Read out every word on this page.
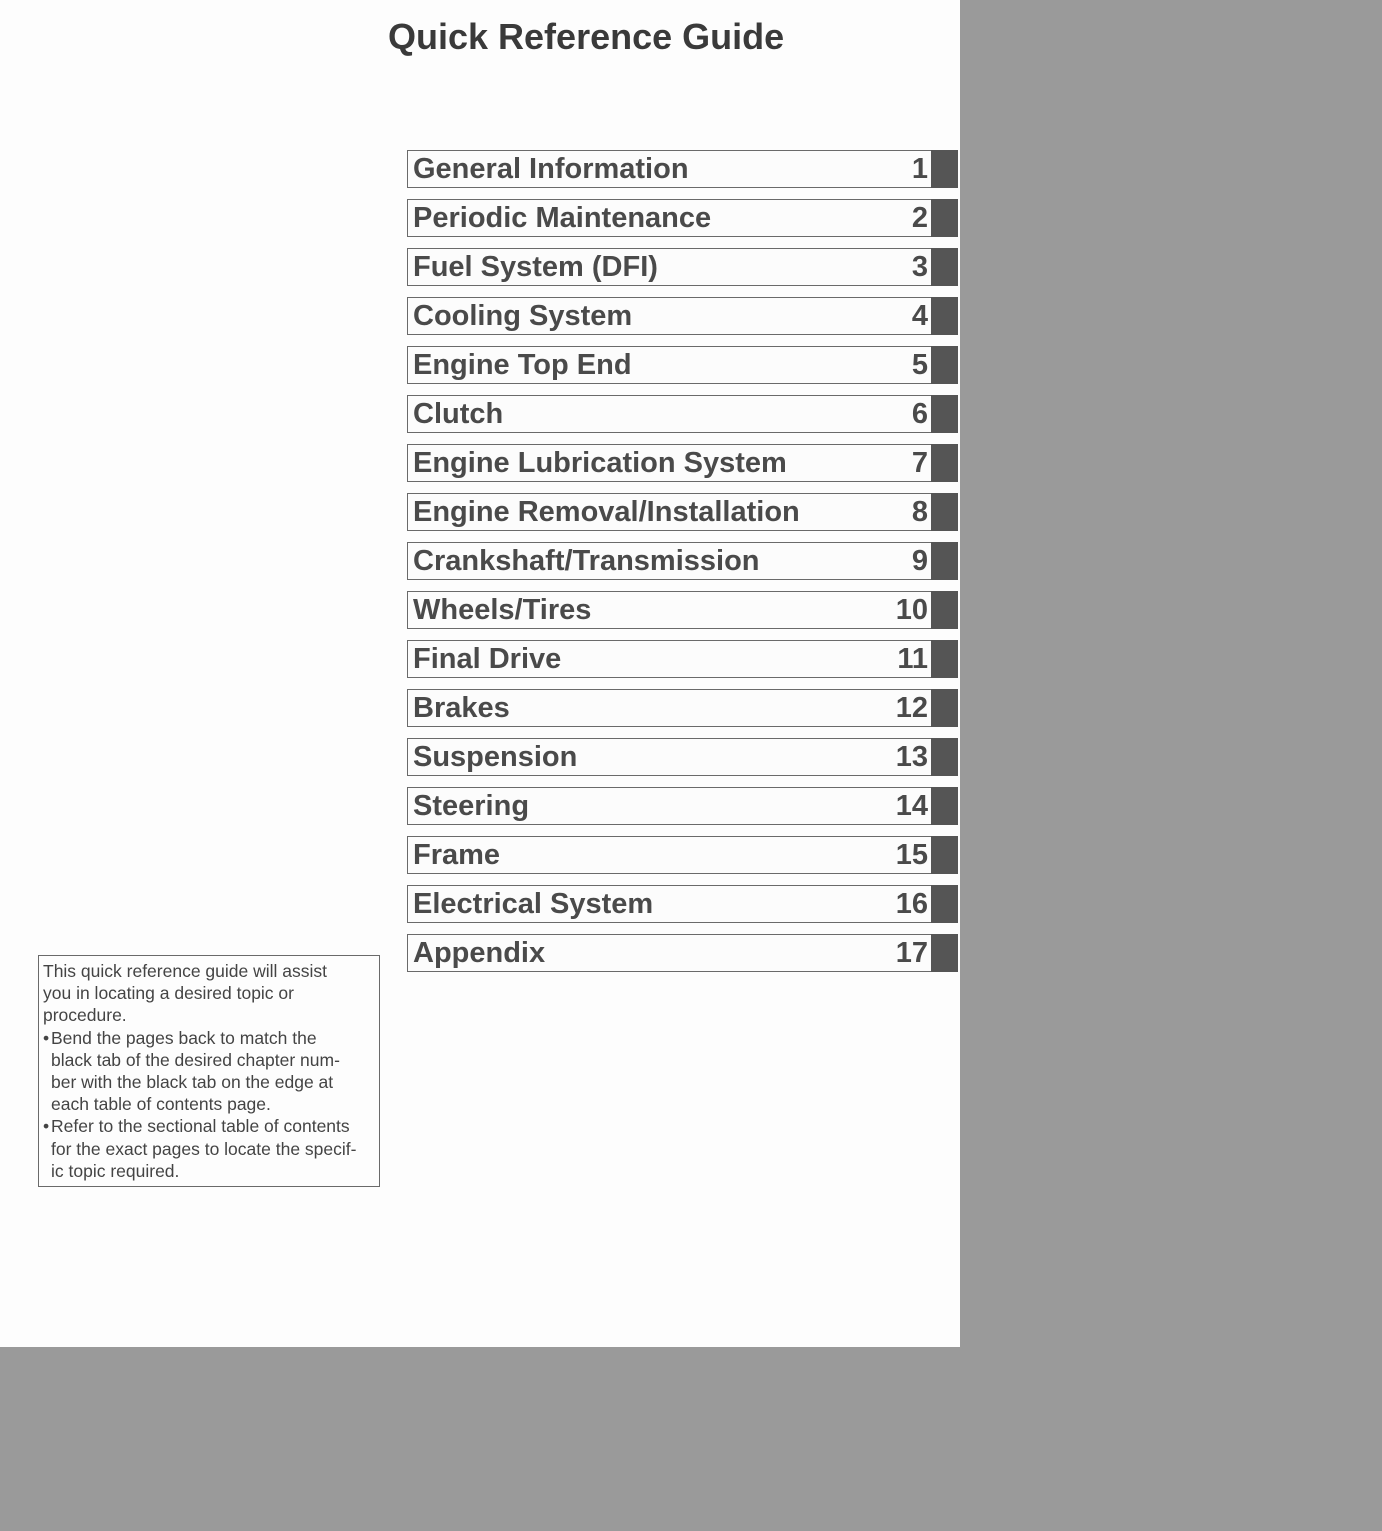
Quick Reference Guide
General Information	1
Periodic Maintenance	2
Fuel System (DFI)	3
Cooling System	4
Engine Top End	5
Clutch	6
Engine Lubrication System	7
Engine Removal/Installation	8
Crankshaft/Transmission	9
Wheels/Tires	10
Final Drive	11
Brakes	12
Suspension	13
Steering	14
Frame	15
Electrical System	16
Appendix	17
This quick reference guide will assist
you in locating a desired topic or
procedure.
• Bend the pages back to match the
black tab of the desired chapter num-
ber with the black tab on the edge at
each table of contents page.
• Refer to the sectional table of contents
for the exact pages to locate the specif-
ic topic required.
